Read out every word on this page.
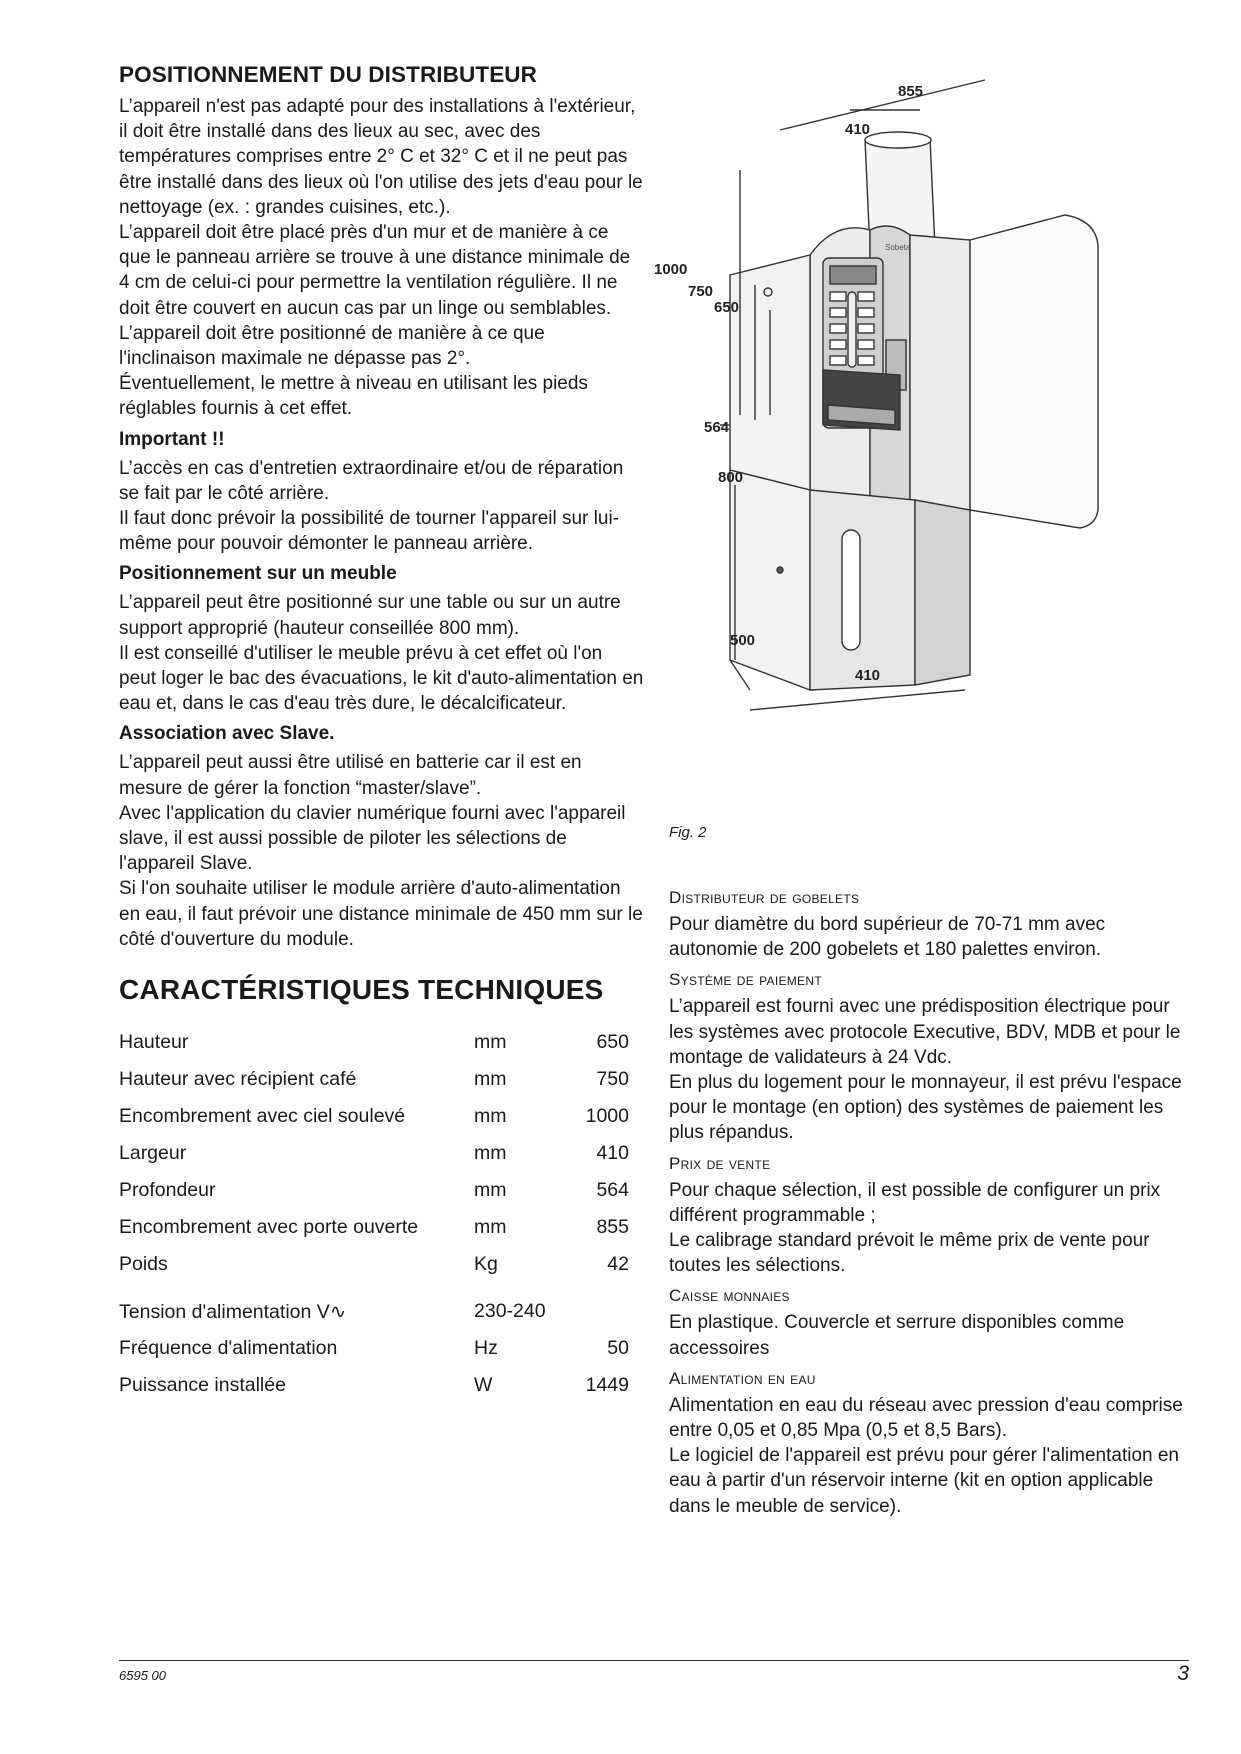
POSITIONNEMENT DU DISTRIBUTEUR

L’appareil n'est pas adapté pour des installations à l'extérieur, il doit être installé dans des lieux au sec, avec des températures comprises entre 2° C et 32° C et il ne peut pas être installé dans des lieux où l'on utilise des jets d'eau pour le nettoyage (ex. : grandes cuisines, etc.).

L’appareil doit être placé près d'un mur et de manière à ce que le panneau arrière se trouve à une distance minimale de 4 cm de celui-ci pour permettre la ventilation régulière. Il ne doit être couvert en aucun cas par un linge ou semblables.

L’appareil doit être positionné de manière à ce que l'inclinaison maximale ne dépasse pas 2°.

Éventuellement, le mettre à niveau en utilisant les pieds réglables fournis à cet effet.

Important !!

L’accès en cas d'entretien extraordinaire et/ou de réparation se fait par le côté arrière.

Il faut donc prévoir la possibilité de tourner l'appareil sur lui-même pour pouvoir démonter le panneau arrière.

Positionnement sur un meuble

L’appareil peut être positionné sur une table ou sur un autre support approprié (hauteur conseillée 800 mm).

Il est conseillé d'utiliser le meuble prévu à cet effet où l'on peut loger le bac des évacuations, le kit d'auto-alimentation en eau et, dans le cas d'eau très dure, le décalcificateur.

Association avec Slave.

L’appareil peut aussi être utilisé en batterie car il est en mesure de gérer la fonction “master/slave”.

Avec l'application du clavier numérique fourni avec l'appareil slave, il est aussi possible de piloter les sélections de l'appareil Slave.

Si l'on souhaite utiliser le module arrière d'auto-alimentation en eau, il faut prévoir une distance minimale de 450 mm sur le côté d'ouverture du module.

CARACTÉRISTIQUES TECHNIQUES
Hauteur	mm	650
Hauteur avec récipient café	mm	750
Encombrement avec ciel soulevé	mm	1000
Largeur	mm	410
Profondeur	mm	564
Encombrement avec porte ouverte	mm	855
Poids	Kg	42

Tension d'alimentation V∿	230-240	
Fréquence d'alimentation	Hz	50
Puissance installée	W	1449
855
410
1000
750
650
564
800
500
410
Sobeta
Fig. 2
Distributeur de gobelets

Pour diamètre du bord supérieur de 70-71 mm avec autonomie de 200 gobelets et 180 palettes environ.

Système de paiement

L’appareil est fourni avec une prédisposition électrique pour les systèmes avec protocole Executive, BDV, MDB et pour le montage de validateurs à 24 Vdc.

En plus du logement pour le monnayeur, il est prévu l'espace pour le montage (en option) des systèmes de paiement les plus répandus.

Prix de vente

Pour chaque sélection, il est possible de configurer un prix différent programmable ;

Le calibrage standard prévoit le même prix de vente pour toutes les sélections.

Caisse monnaies

En plastique. Couvercle et serrure disponibles comme accessoires

Alimentation en eau

Alimentation en eau du réseau avec pression d'eau comprise entre 0,05 et 0,85 Mpa (0,5 et 8,5 Bars).

Le logiciel de l'appareil est prévu pour gérer l'alimentation en eau à partir d'un réservoir interne (kit en option applicable dans le meuble de service).

6595 00	3
